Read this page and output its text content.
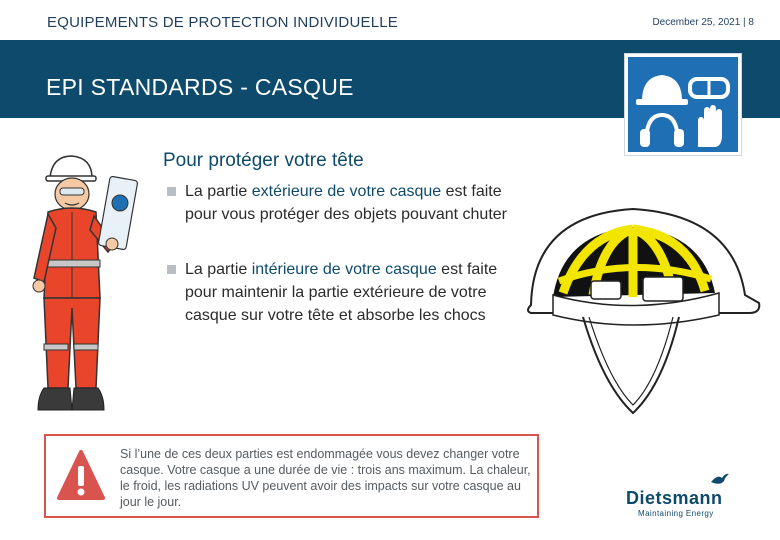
EQUIPEMENTS DE PROTECTION INDIVIDUELLE	December 25, 2021 | 8
EPI STANDARDS - CASQUE
Pour protéger votre tête
La partie extérieure de votre casque est faite pour vous protéger des objets pouvant chuter
La partie intérieure de votre casque est faite pour maintenir la partie extérieure de votre casque sur votre tête et absorbe les chocs
Si l’une de ces deux parties est endommagée vous devez changer votre casque. Votre casque a une durée de vie : trois ans maximum. La chaleur, le froid, les radiations UV peuvent avoir des impacts sur votre casque au jour le jour.	Dietsmann
Maintaining Energy
